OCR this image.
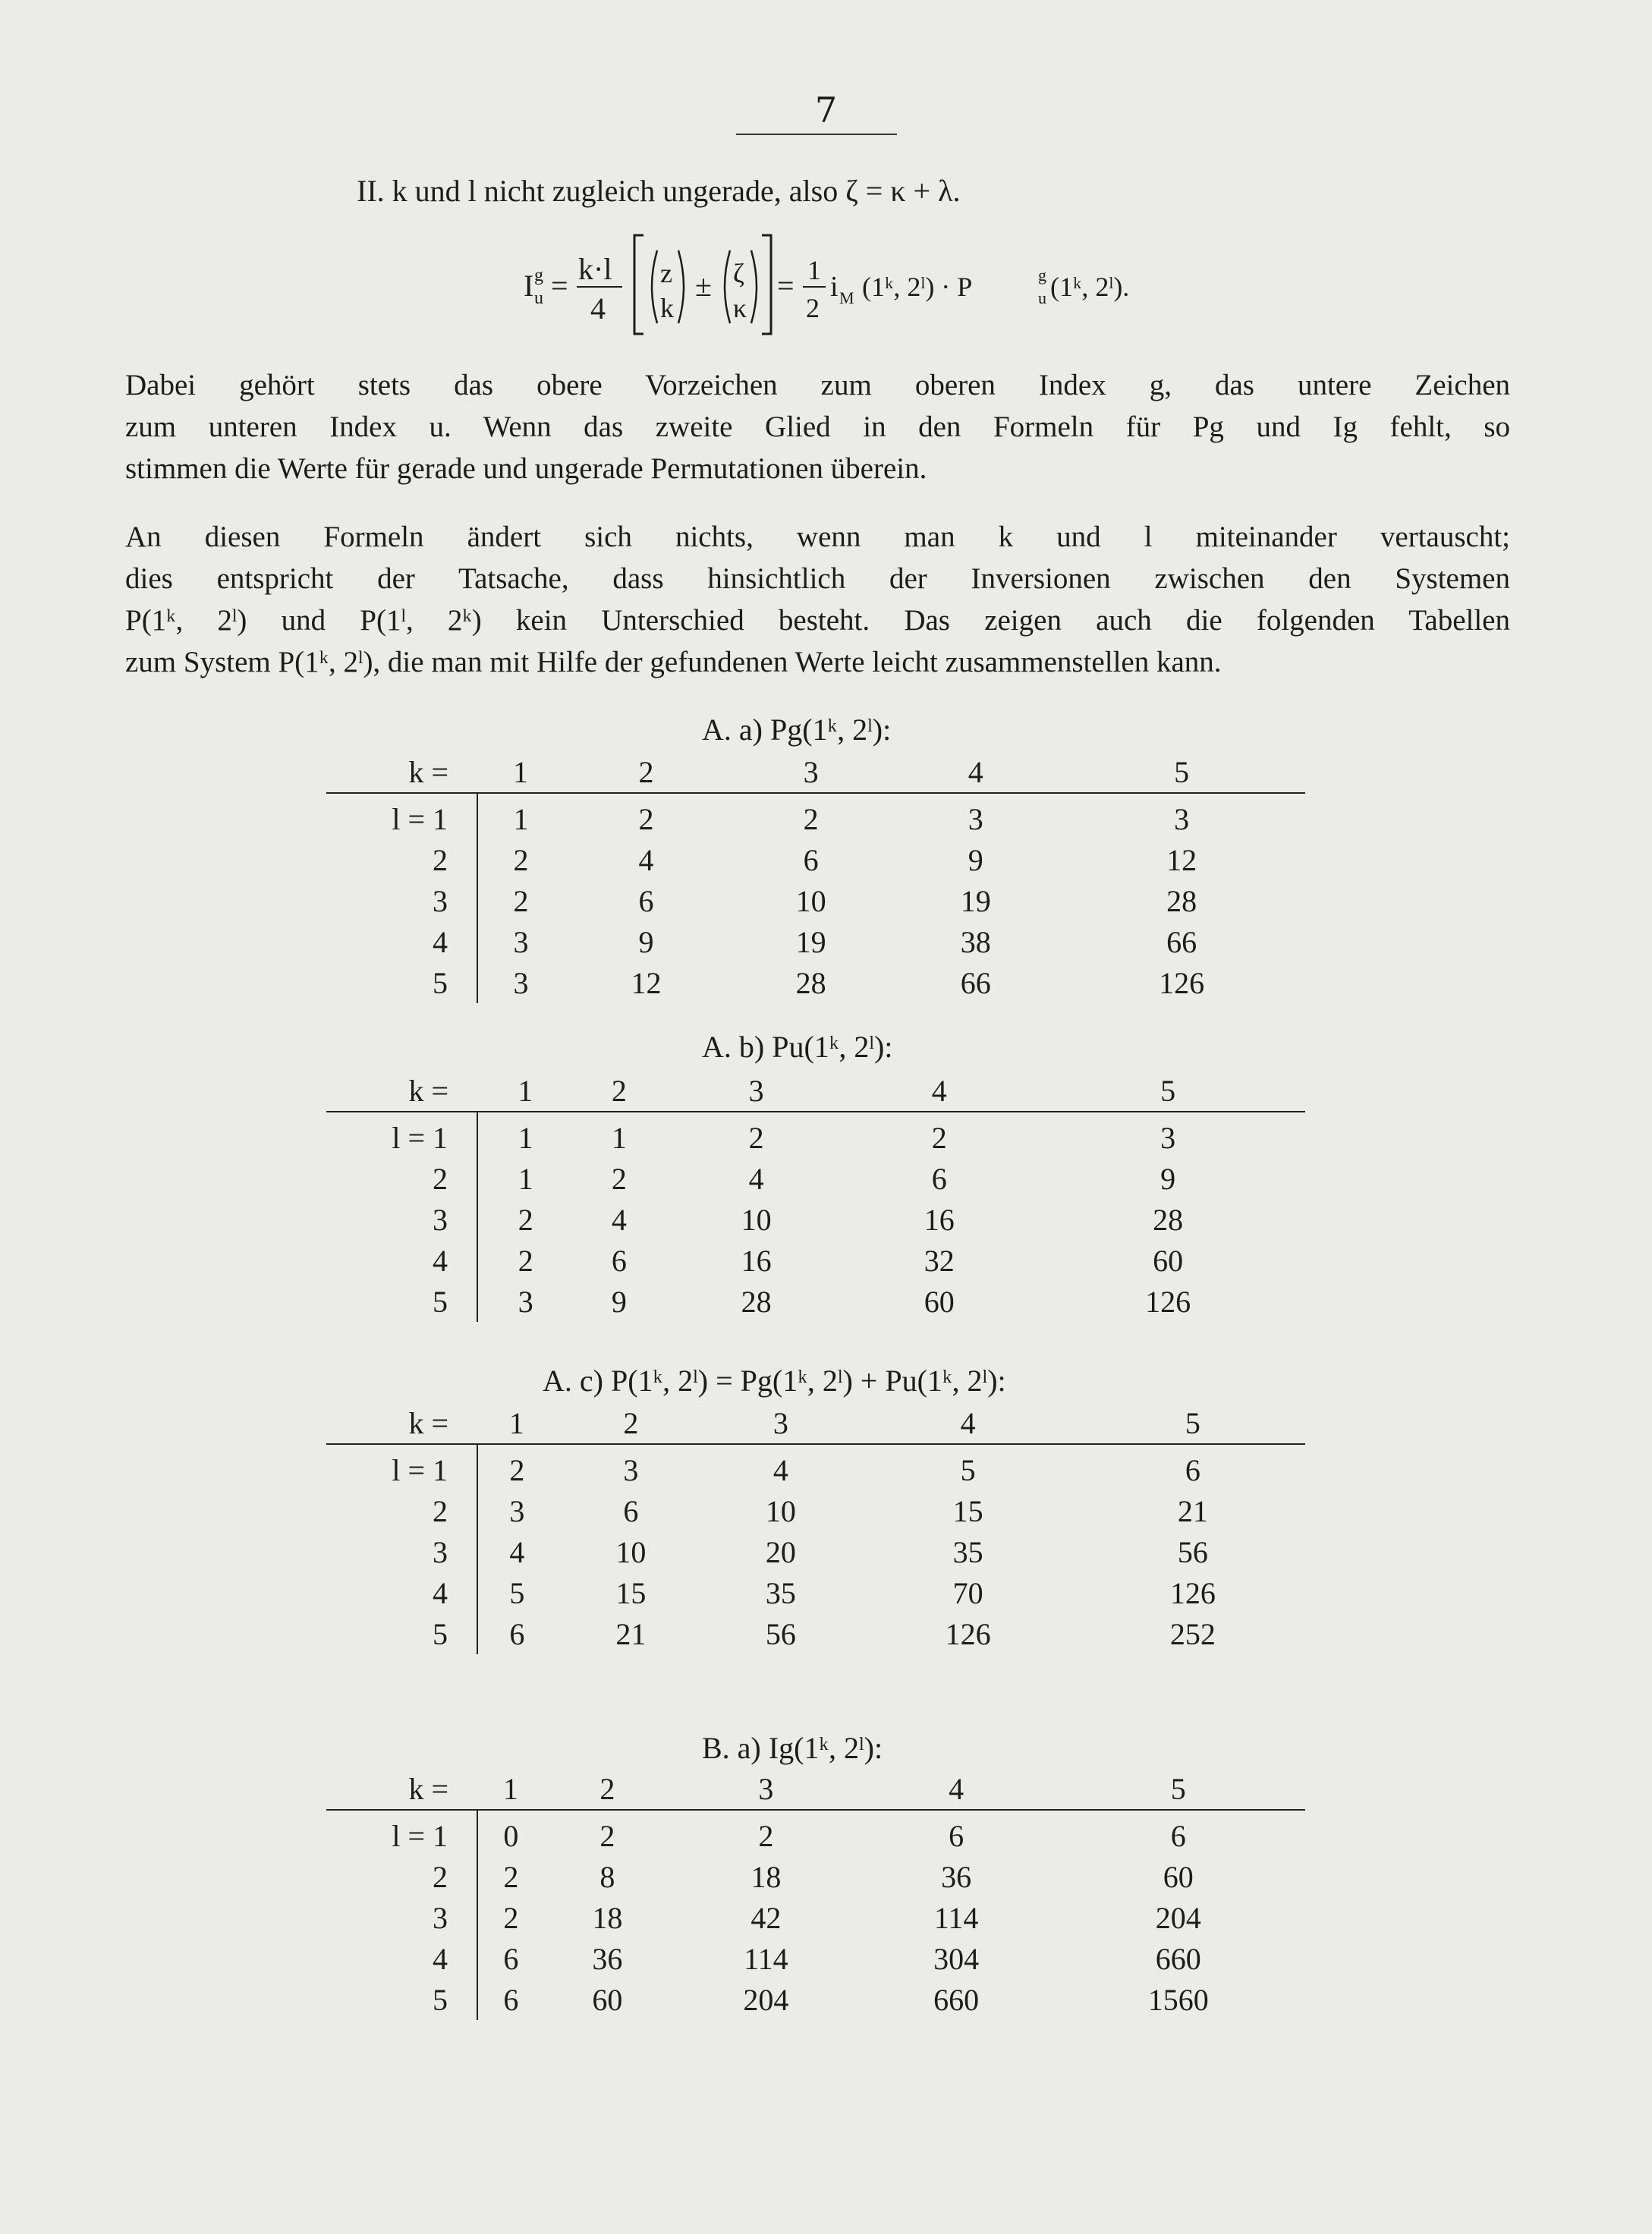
7
II. k und l nicht zugleich ungerade, also ζ = κ + λ.
I g
u = k·l
4
z
k
± ζ
κ
= 1
2
i M (1ᵏ, 2ˡ) · P	g
u (1ᵏ, 2ˡ).
Dabei gehört stets das obere Vorzeichen zum oberen Index g, das untere Zeichen
zum unteren Index u. Wenn das zweite Glied in den Formeln für Pg und Ig fehlt, so
stimmen die Werte für gerade und ungerade Permutationen überein.
An diesen Formeln ändert sich nichts, wenn man k und l miteinander vertauscht;
dies entspricht der Tatsache, dass hinsichtlich der Inversionen zwischen den Systemen
P(1ᵏ, 2ˡ) und P(1ˡ, 2ᵏ) kein Unterschied besteht. Das zeigen auch die folgenden Tabellen
zum System P(1ᵏ, 2ˡ), die man mit Hilfe der gefundenen Werte leicht zusammenstellen kann.
A. a) Pg(1ᵏ, 2ˡ):
k =	1	2	3	4	5
l = 1	1	2	2	3	3
2	2	4	6	9	12
3	2	6	10	19	28
4	3	9	19	38	66
5	3	12	28	66	126
A. b) Pu(1ᵏ, 2ˡ):
k =	1	2	3	4	5
l = 1	1	1	2	2	3
2	1	2	4	6	9
3	2	4	10	16	28
4	2	6	16	32	60
5	3	9	28	60	126
A. c) P(1ᵏ, 2ˡ) = Pg(1ᵏ, 2ˡ) + Pu(1ᵏ, 2ˡ):
k =	1	2	3	4	5
l = 1	2	3	4	5	6
2	3	6	10	15	21
3	4	10	20	35	56
4	5	15	35	70	126
5	6	21	56	126	252
B. a) Ig(1ᵏ, 2ˡ):
k =	1	2	3	4	5
l = 1	0	2	2	6	6
2	2	8	18	36	60
3	2	18	42	114	204
4	6	36	114	304	660
5	6	60	204	660	1560
